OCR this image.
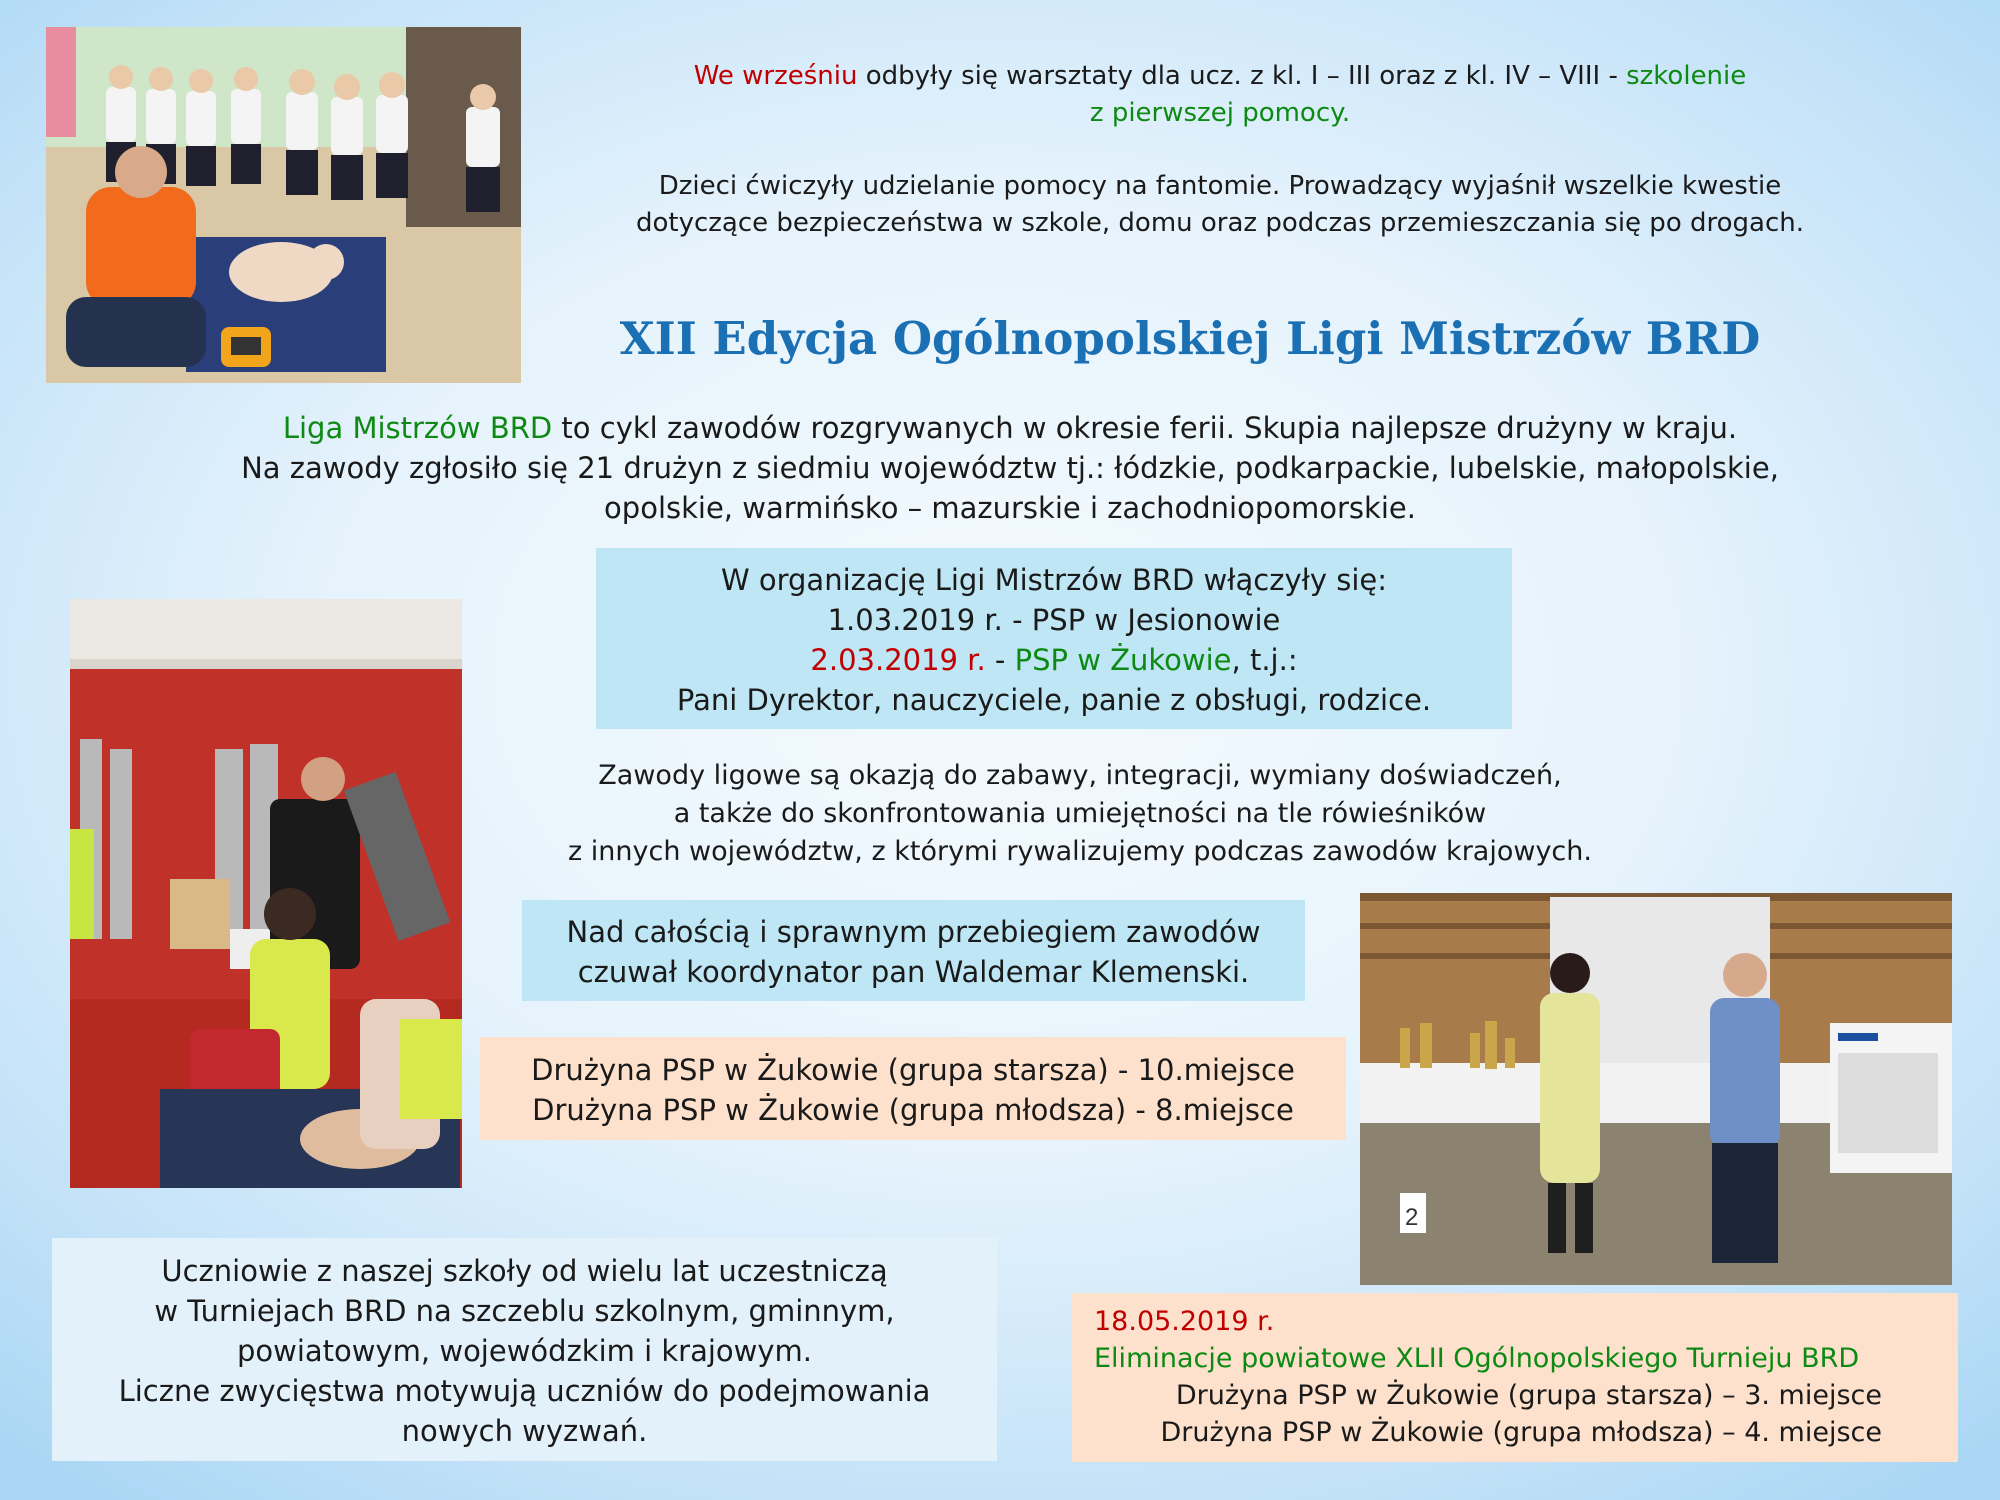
2

We wrześniu odbyły się warsztaty dla ucz. z kl. I – III oraz z kl. IV – VIII - szkolenie
z pierwszej pomocy.

Dzieci ćwiczyły udzielanie pomocy na fantomie. Prowadzący wyjaśnił wszelkie kwestie dotyczące bezpieczeństwa w szkole, domu oraz podczas przemieszczania się po drogach.

XII Edycja Ogólnopolskiej Ligi Mistrzów BRD
Liga Mistrzów BRD to cykl zawodów rozgrywanych w okresie ferii. Skupia najlepsze drużyny w kraju.
Na zawody zgłosiło się 21 drużyn z siedmiu województw tj.: łódzkie, podkarpackie, lubelskie, małopolskie,
opolskie, warmińsko – mazurskie i zachodniopomorskie.
W organizację Ligi Mistrzów BRD włączyły się:
1.03.2019 r. - PSP w Jesionowie
2.03.2019 r. - PSP w Żukowie, t.j.:
Pani Dyrektor, nauczyciele, panie z obsługi, rodzice.
Zawody ligowe są okazją do zabawy, integracji, wymiany doświadczeń,
a także do skonfrontowania umiejętności na tle rówieśników
z innych województw, z którymi rywalizujemy podczas zawodów krajowych.
Nad całością i sprawnym przebiegiem zawodów
czuwał koordynator pan Waldemar Klemenski.
Drużyna PSP w Żukowie (grupa starsza) - 10.miejsce
Drużyna PSP w Żukowie (grupa młodsza) - 8.miejsce
Uczniowie z naszej szkoły od wielu lat uczestniczą
w Turniejach BRD na szczeblu szkolnym, gminnym,
powiatowym, wojewódzkim i krajowym.
Liczne zwycięstwa motywują uczniów do podejmowania
nowych wyzwań.
18.05.2019 r.
Eliminacje powiatowe XLII Ogólnopolskiego Turnieju BRD
Drużyna PSP w Żukowie (grupa starsza) – 3. miejsce
Drużyna PSP w Żukowie (grupa młodsza) – 4. miejsce
